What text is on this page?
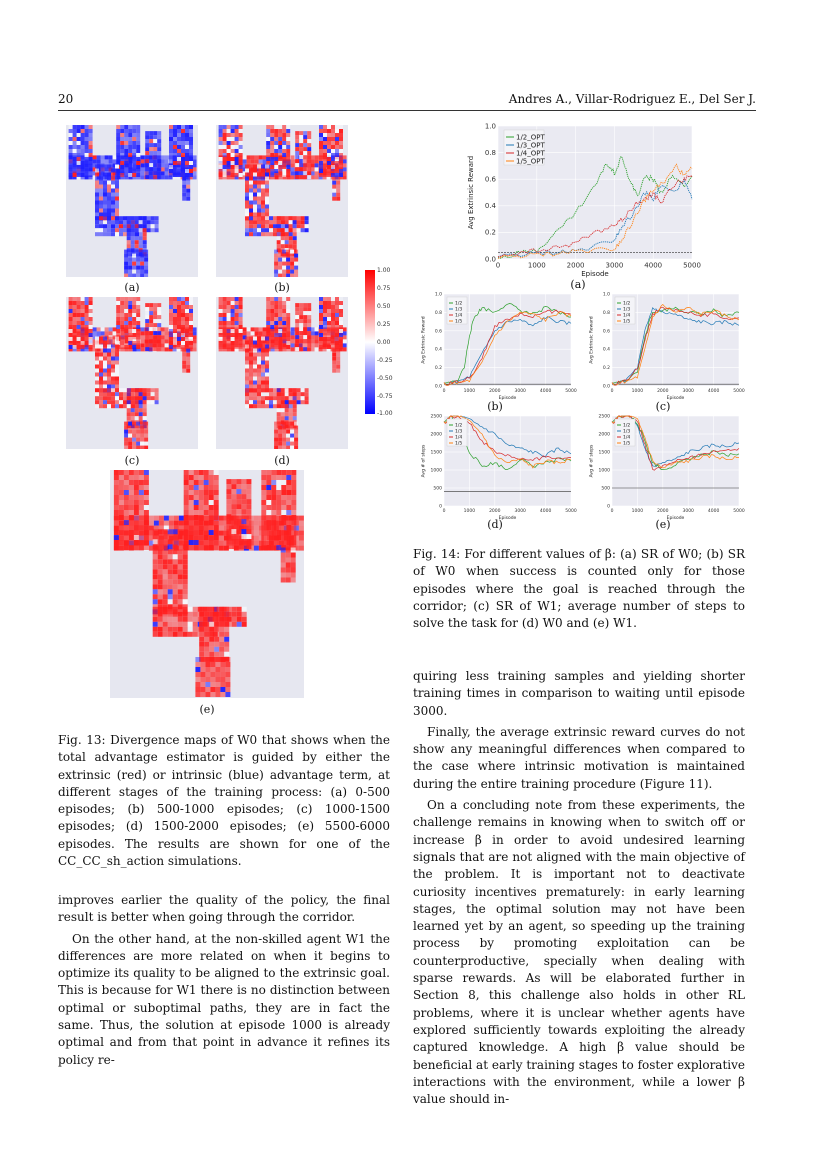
20	Andres A., Villar-Rodriguez E., Del Ser J.
(a)	(b)
(c)	(d)
(e)
1.00
0.75
0.50
0.25
0.00
-0.25
-0.50
-0.75
-1.00
0.0
0.2
0.4
0.6
0.8
1.0
0	1000	2000	3000	4000	5000
Episode
Avg Extrinsic Reward
1/2_OPT
1/3_OPT
1/4_OPT
1/5_OPT
(a)
0.0
0.2
0.4
0.6
0.8
1.0
0	1000	2000	3000	4000	5000
Episode
Avg Extrinsic Reward
1/2
1/3
1/4
1/5
(b)
0.0
0.2
0.4
0.6
0.8
1.0
0	1000	2000	3000	4000	5000
Episode
Avg Extrinsic Reward
1/2
1/3
1/4
1/5
(c)
0
500
1000
1500
2000
2500
0	1000	2000	3000	4000	5000
Episode
Avg # of steps
1/2
1/3
1/4
1/5
(d)
0
500
1000
1500
2000
2500
0	1000	2000	3000	4000	5000
Episode
Avg # of steps
1/2
1/3
1/4
1/5
(e)
Fig. 13: Divergence maps of W0 that shows when the total advantage estimator is guided by either the extrinsic (red) or intrinsic (blue) advantage term, at different stages of the training process: (a) 0-500 episodes; (b) 500-1000 episodes; (c) 1000-1500 episodes; (d) 1500-2000 episodes; (e) 5500-6000 episodes. The results are shown for one of the CC_CC_sh_action simulations.
Fig. 14: For different values of β: (a) SR of W0; (b) SR of W0 when success is counted only for those episodes where the goal is reached through the corridor; (c) SR of W1; average number of steps to solve the task for (d) W0 and (e) W1.

improves earlier the quality of the policy, the final result is better when going through the corridor.

On the other hand, at the non-skilled agent W1 the differences are more related on when it begins to optimize its quality to be aligned to the extrinsic goal. This is because for W1 there is no distinction between optimal or suboptimal paths, they are in fact the same. Thus, the solution at episode 1000 is already optimal and from that point in advance it refines its policy re-

quiring less training samples and yielding shorter training times in comparison to waiting until episode 3000.

Finally, the average extrinsic reward curves do not show any meaningful differences when compared to the case where intrinsic motivation is maintained during the entire training procedure (Figure 11).

On a concluding note from these experiments, the challenge remains in knowing when to switch off or increase β in order to avoid undesired learning signals that are not aligned with the main objective of the problem. It is important not to deactivate curiosity incentives prematurely: in early learning stages, the optimal solution may not have been learned yet by an agent, so speeding up the training process by promoting exploitation can be counterproductive, specially when dealing with sparse rewards. As will be elaborated further in Section 8, this challenge also holds in other RL problems, where it is unclear whether agents have explored sufficiently towards exploiting the already captured knowledge. A high β value should be beneficial at early training stages to foster explorative interactions with the environment, while a lower β value should in-
